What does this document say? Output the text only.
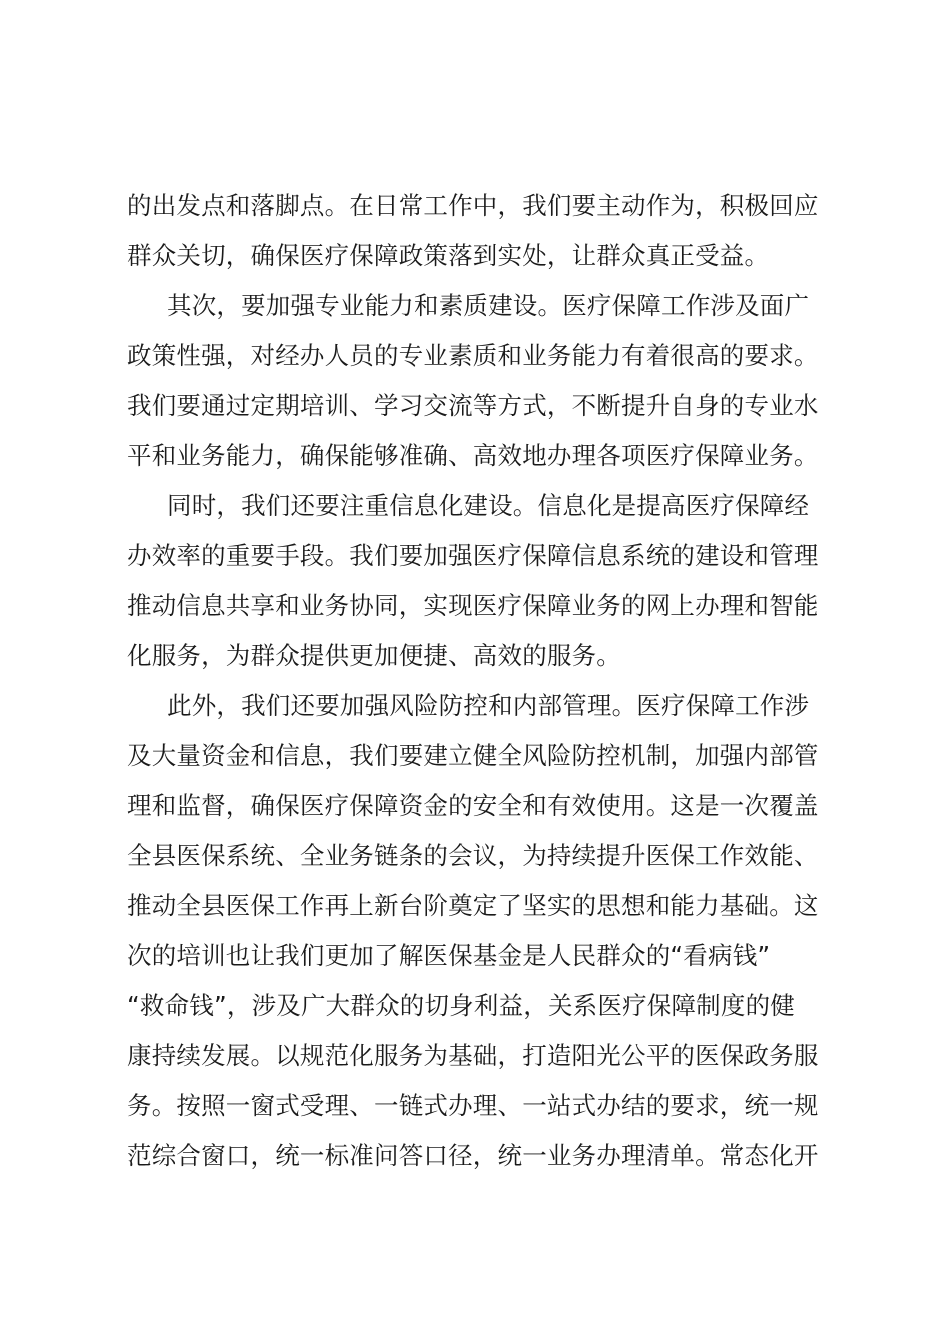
的出发点和落脚点。在日常工作中，我们要主动作为，积极回应
群众关切，确保医疗保障政策落到实处，让群众真正受益。
其次，要加强专业能力和素质建设。医疗保障工作涉及面广
政策性强，对经办人员的专业素质和业务能力有着很高的要求。
我们要通过定期培训、学习交流等方式，不断提升自身的专业水
平和业务能力，确保能够准确、高效地办理各项医疗保障业务。
同时，我们还要注重信息化建设。信息化是提高医疗保障经
办效率的重要手段。我们要加强医疗保障信息系统的建设和管理
推动信息共享和业务协同，实现医疗保障业务的网上办理和智能
化服务，为群众提供更加便捷、高效的服务。
此外，我们还要加强风险防控和内部管理。医疗保障工作涉
及大量资金和信息，我们要建立健全风险防控机制，加强内部管
理和监督，确保医疗保障资金的安全和有效使用。这是一次覆盖
全县医保系统、全业务链条的会议，为持续提升医保工作效能、
推动全县医保工作再上新台阶奠定了坚实的思想和能力基础。这
次的培训也让我们更加了解医保基金是人民群众的“看病钱”
“救命钱”，涉及广大群众的切身利益，关系医疗保障制度的健
康持续发展。以规范化服务为基础，打造阳光公平的医保政务服
务。按照一窗式受理、一链式办理、一站式办结的要求，统一规
范综合窗口，统一标准问答口径，统一业务办理清单。常态化开
